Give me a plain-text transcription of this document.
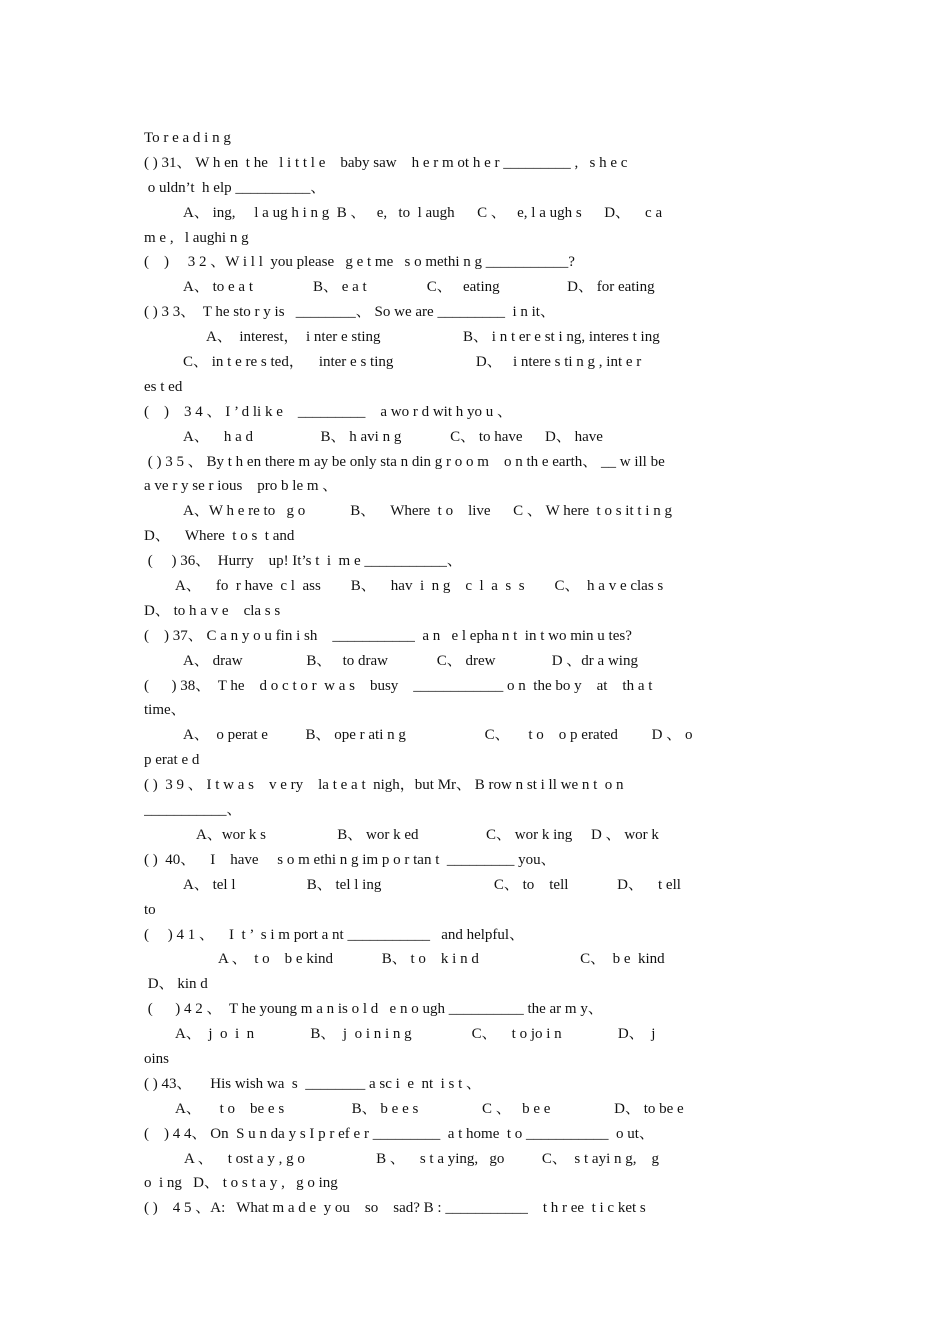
To r e a d i n g
( ) 31、 W h en  t he   l i t t l e    baby saw    h e r m ot h e r _________ ,   s h e c
o uldn’t  h elp __________、
A、 ing,     l a ug h i n g  B 、   e,   to  l augh      C 、   e, l a ugh s      D、    c a
m e ,   l aughi n g
(    )     3 2 、W i l l  you please   g e t me   s o methi n g ___________?
A、 to e a t                B、 e a t                C、   eating                  D、 for eating
( ) 3 3、  T he sto r y is   ________、 So we are _________  i n it、
A、  interest，  i nter e sting                      B、 i n t er e st i ng, interes t ing
C、 in t e re s ted，    inter e s ting                      D、   i ntere s ti n g , int e r
es t ed
(    )    3 4 、 I ’ d li k e    _________    a wo r d wit h yo u 、
A、    h a d                  B、 h avi n g             C、 to have      D、 have
( ) 3 5 、 By t h en there m ay be only sta n din g r o o m    o n th e earth、 __ w ill be
a ve r y se r ious    pro b le m 、
A、W h e re to   g o            B、    Where  t o    live      C 、 W here  t o s it t i n g
D、    Where  t o s  t and
(     ) 36、  Hurry    up! It’s t  i  m e ___________、
A、    fo  r have  c l  ass        B、    hav  i  n g    c  l  a  s  s        C、  h a v e clas s
D、 to h a v e    cla s s
(    ) 37、 C a n y o u fin i sh    ___________  a n   e l epha n t  in t wo min u tes?
A、 draw                 B、   to draw             C、 drew               D 、dr a wing
(      ) 38、  T he    d o c t o r  w a s    busy    ____________ o n  the bo y    at    th a t
time、
A、  o perat e          B、 ope r ati n g                     C、     t o    o p erated         D 、 o
p erat e d
( )  3 9 、 I t w a s    v e ry    la t e a t  nigh，but Mr、 B row n st i ll we n t  o n
___________、
A、wor k s                   B、 wor k ed                  C、 wor k ing     D 、 wor k
( )  40、    I    have     s o m ethi n g im p o r tan t  _________ you、
A、 tel l                   B、 tel l ing                              C、 to    tell             D、    t ell
to
(     ) 4 1 、    I  t ’  s i m port a nt ___________   and helpful、
A 、  t o    b e kind             B、 t o    k i n d                           C、  b e  kind
D、 kin d
(      ) 4 2 、  T he young m a n is o l d   e n o ugh __________ the ar m y、
A、  j  o  i  n               B、  j  o i n i n g                C、    t o jo i n               D、  j
oins
( ) 43、     His wish wa  s  ________ a sc i  e  nt  i s t 、
A、     t o    be e s                  B、 b e e s                 C 、   b e e                 D、 to be e
(    ) 4 4、 On  S u n da y s I p r ef e r _________  a t home  t o ___________  o ut、
A 、    t ost a y , g o                   B 、    s t a ying,   go          C、  s t ayi n g,    g
o  i ng   D、 t o s t a y ,   g o ing
( )    4 5 、A:   What m a d e  y ou    so    sad? B : ___________    t h r ee  t i c ket s
